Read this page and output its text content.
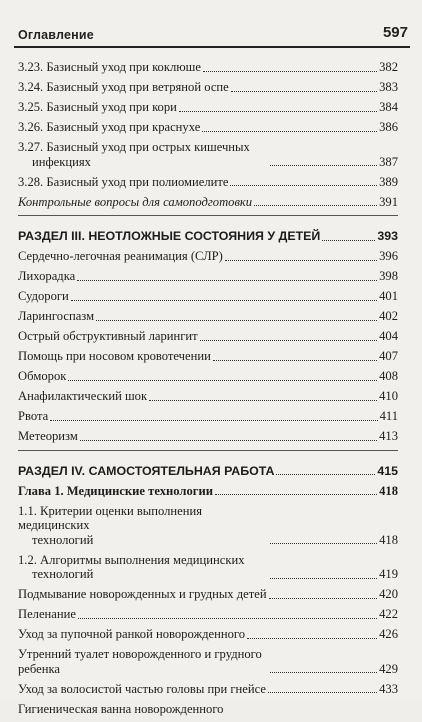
Оглавление	597
3.23. Базисный уход при коклюше	382
3.24. Базисный уход при ветряной оспе	383
3.25. Базисный уход при кори	384
3.26. Базисный уход при краснухе	386
3.27. Базисный уход при острых кишечных
инфекциях	387
3.28. Базисный уход при полиомиелите	389
Контрольные вопросы для самоподготовки	391
РАЗДЕЛ III. НЕОТЛОЖНЫЕ СОСТОЯНИЯ У ДЕТЕЙ	393
Сердечно-легочная реанимация (СЛР)	396
Лихорадка	398
Судороги	401
Ларингоспазм	402
Острый обструктивный ларингит	404
Помощь при носовом кровотечении	407
Обморок	408
Анафилактический шок	410
Рвота	411
Метеоризм	413
РАЗДЕЛ IV. САМОСТОЯТЕЛЬНАЯ РАБОТА	415
Глава 1. Медицинские технологии	418
1.1. Критерии оценки выполнения медицинских
технологий	418
1.2. Алгоритмы выполнения медицинских
технологий	419
Подмывание новорожденных и грудных детей	420
Пеленание	422
Уход за пупочной ранкой новорожденного	426
Утренний туалет новорожденного и грудного
ребенка	429
Уход за волосистой частью головы при гнейсе	433
Гигиеническая ванна новорожденного
